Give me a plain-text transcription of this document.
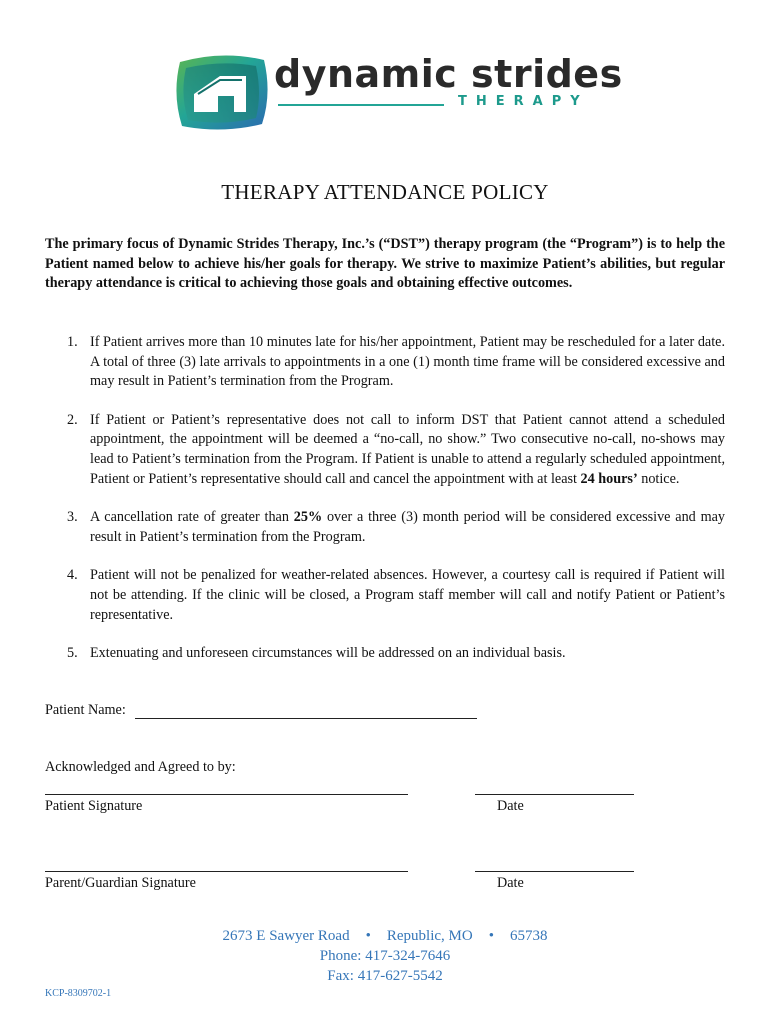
dynamic strides
THERAPY
THERAPY ATTENDANCE POLICY
The primary focus of Dynamic Strides Therapy, Inc.’s (“DST”) therapy program (the “Program”) is to help the Patient named below to achieve his/her goals for therapy. We strive to maximize Patient’s abilities, but regular therapy attendance is critical to achieving those goals and obtaining effective outcomes.
1. If Patient arrives more than 10 minutes late for his/her appointment, Patient may be rescheduled for a later date. A total of three (3) late arrivals to appointments in a one (1) month time frame will be considered excessive and may result in Patient’s termination from the Program.
2. If Patient or Patient’s representative does not call to inform DST that Patient cannot attend a scheduled appointment, the appointment will be deemed a “no-call, no show.” Two consecutive no-call, no-shows may lead to Patient’s termination from the Program. If Patient is unable to attend a regularly scheduled appointment, Patient or Patient’s representative should call and cancel the appointment with at least 24 hours’ notice.
3. A cancellation rate of greater than 25% over a three (3) month period will be considered excessive and may result in Patient’s termination from the Program.
4. Patient will not be penalized for weather-related absences. However, a courtesy call is required if Patient will not be attending. If the clinic will be closed, a Program staff member will call and notify Patient or Patient’s representative.
5. Extenuating and unforeseen circumstances will be addressed on an individual basis.
Patient Name:
Acknowledged and Agreed to by:
Patient Signature	Date
Parent/Guardian Signature	Date
2673 E Sawyer Road • Republic, MO • 65738
Phone: 417-324-7646
Fax: 417-627-5542
KCP-8309702-1
